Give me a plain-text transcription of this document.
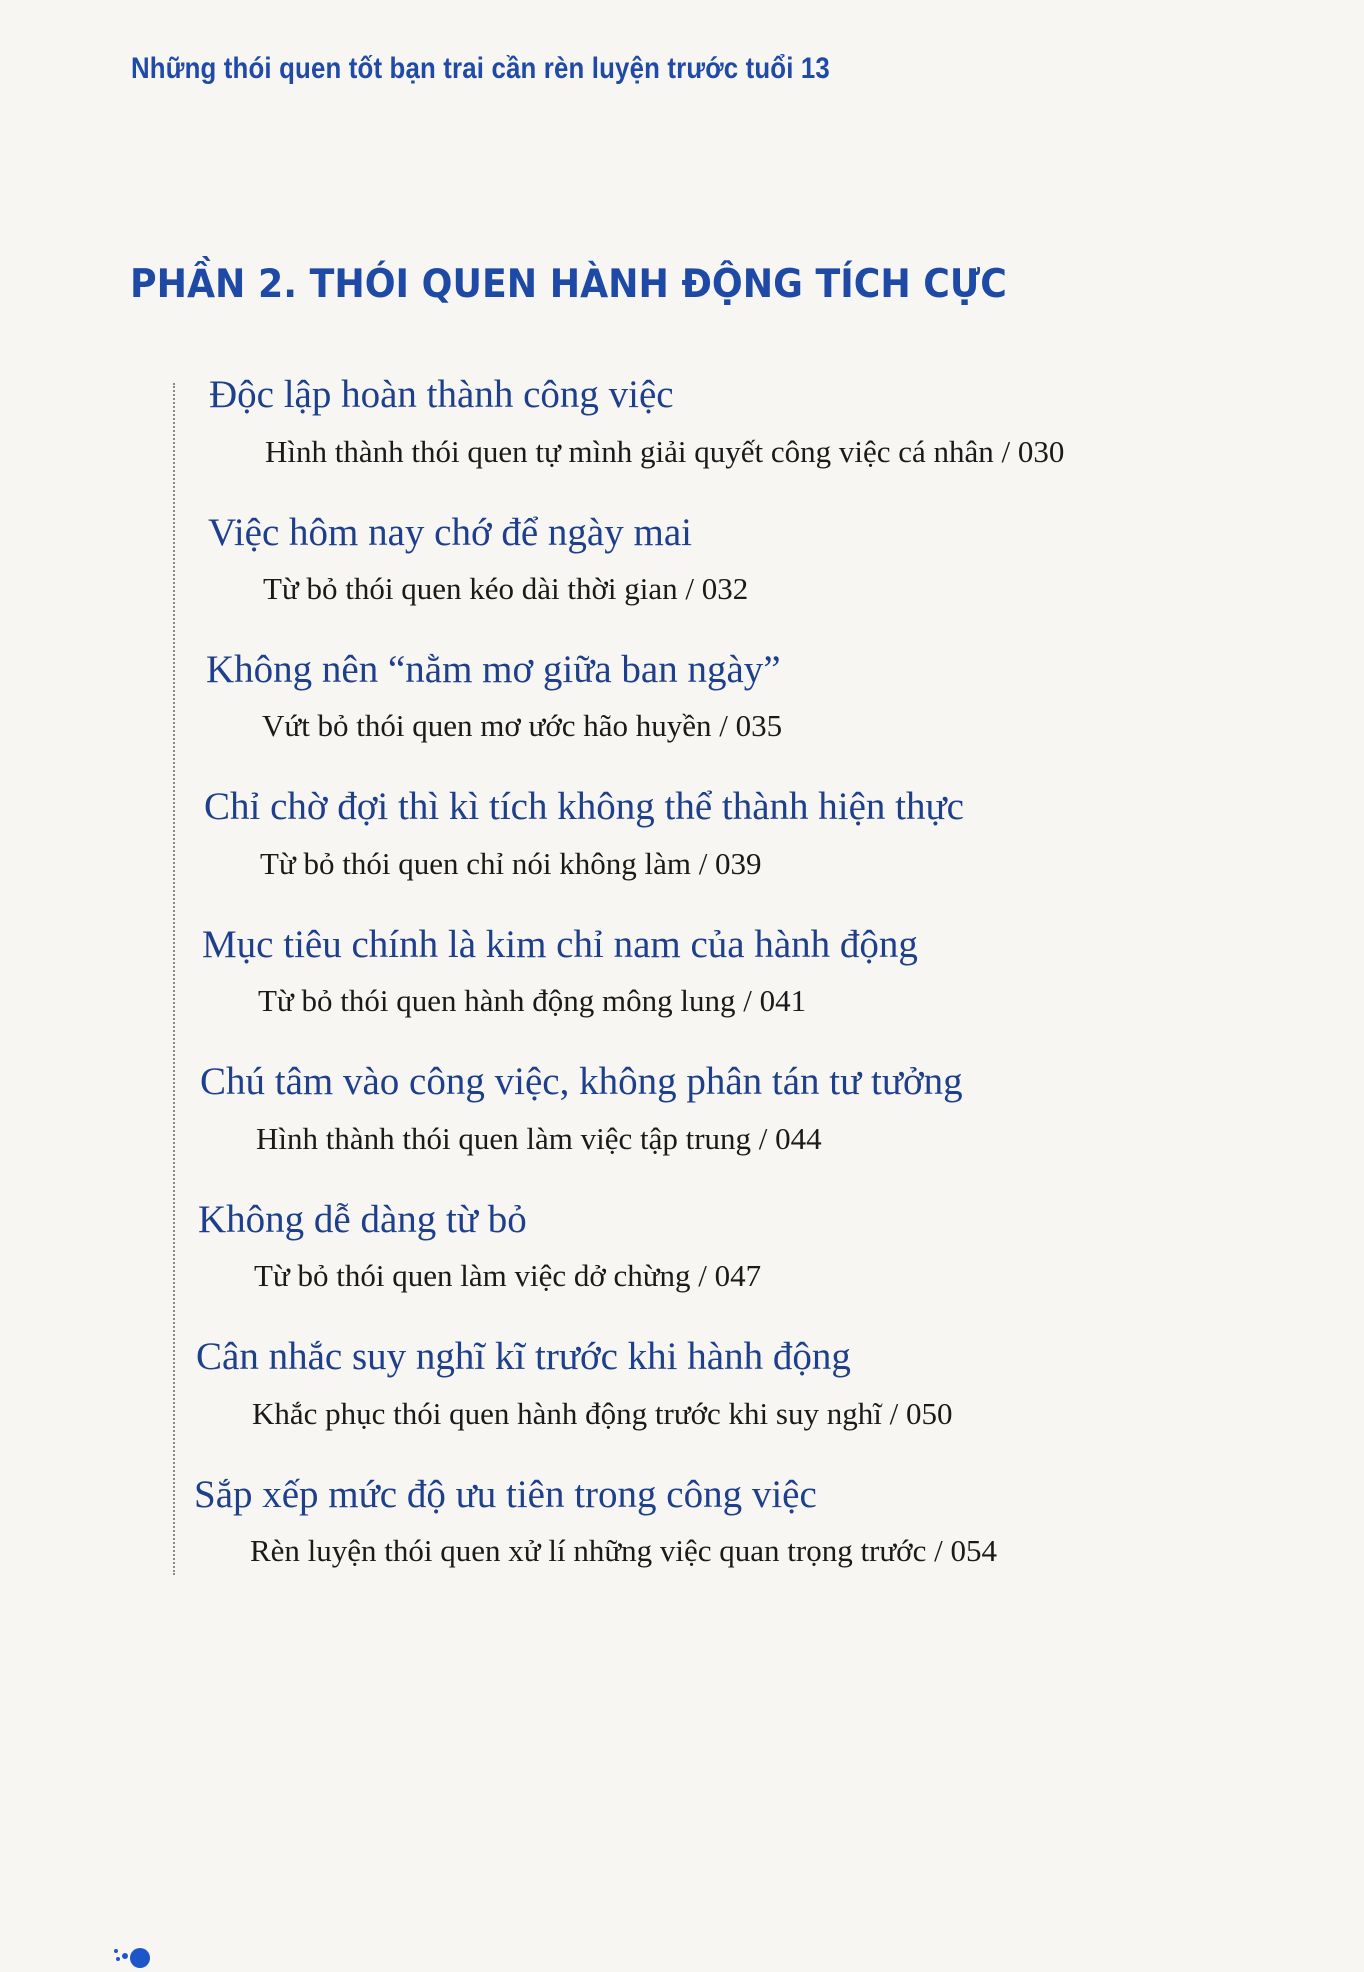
Những thói quen tốt bạn trai cần rèn luyện trước tuổi 13
PHẦN 2. THÓI QUEN HÀNH ĐỘNG TÍCH CỰC
Độc lập hoàn thành công việc
Hình thành thói quen tự mình giải quyết công việc cá nhân / 030
Việc hôm nay chớ để ngày mai
Từ bỏ thói quen kéo dài thời gian / 032
Không nên “nằm mơ giữa ban ngày”
Vứt bỏ thói quen mơ ước hão huyền / 035
Chỉ chờ đợi thì kì tích không thể thành hiện thực
Từ bỏ thói quen chỉ nói không làm / 039
Mục tiêu chính là kim chỉ nam của hành động
Từ bỏ thói quen hành động mông lung / 041
Chú tâm vào công việc, không phân tán tư tưởng
Hình thành thói quen làm việc tập trung / 044
Không dễ dàng từ bỏ
Từ bỏ thói quen làm việc dở chừng / 047
Cân nhắc suy nghĩ kĩ trước khi hành động
Khắc phục thói quen hành động trước khi suy nghĩ / 050
Sắp xếp mức độ ưu tiên trong công việc
Rèn luyện thói quen xử lí những việc quan trọng trước / 054
